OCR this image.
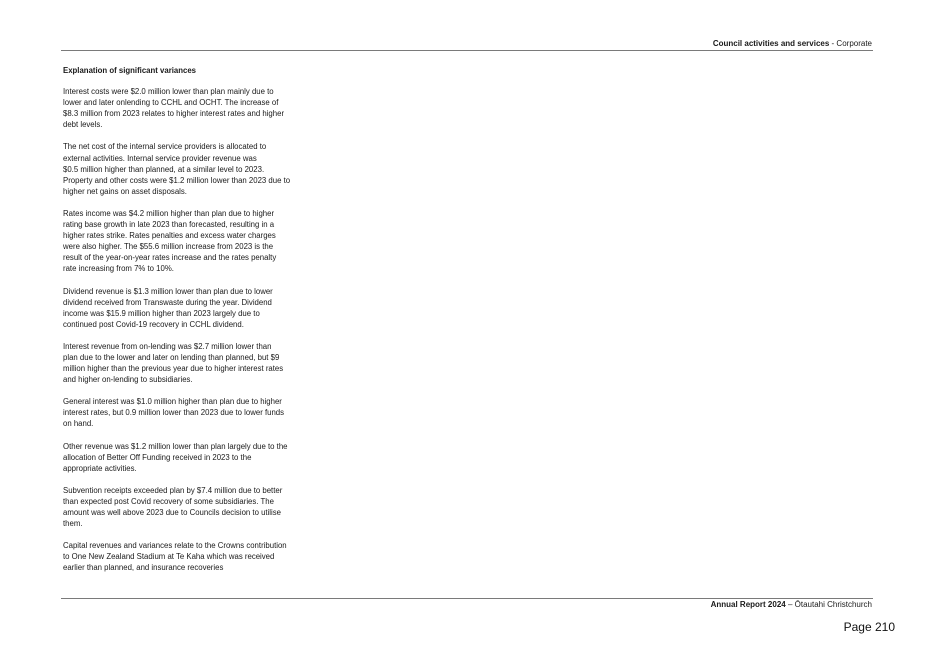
Council activities and services - Corporate
Explanation of significant variances
Interest costs were $2.0 million lower than plan mainly due to
lower and later onlending to CCHL and OCHT. The increase of
$8.3 million from 2023 relates to higher interest rates and higher
debt levels.
The net cost of the internal service providers is allocated to
external activities. Internal service provider revenue was
$0.5 million higher than planned, at a similar level to 2023.
Property and other costs were $1.2 million lower than 2023 due to
higher net gains on asset disposals.
Rates income was $4.2 million higher than plan due to higher
rating base growth in late 2023 than forecasted, resulting in a
higher rates strike. Rates penalties and excess water charges
were also higher. The $55.6 million increase from 2023 is the
result of the year-on-year rates increase and the rates penalty
rate increasing from 7% to 10%.
Dividend revenue is $1.3 million lower than plan due to lower
dividend received from Transwaste during the year. Dividend
income was $15.9 million higher than 2023 largely due to
continued post Covid-19 recovery in CCHL dividend.
Interest revenue from on-lending was $2.7 million lower than
plan due to the lower and later on lending than planned, but $9
million higher than the previous year due to higher interest rates
and higher on-lending to subsidiaries.
General interest was $1.0 million higher than plan due to higher
interest rates, but 0.9 million lower than 2023 due to lower funds
on hand.
Other revenue was $1.2 million lower than plan largely due to the
allocation of Better Off Funding received in 2023 to the
appropriate activities.
Subvention receipts exceeded plan by $7.4 million due to better
than expected post Covid recovery of some subsidiaries. The
amount was well above 2023 due to Councils decision to utilise
them.
Capital revenues and variances relate to the Crowns contribution
to One New Zealand Stadium at Te Kaha which was received
earlier than planned, and insurance recoveries
Annual Report 2024 – Ōtautahi Christchurch
Page 210
